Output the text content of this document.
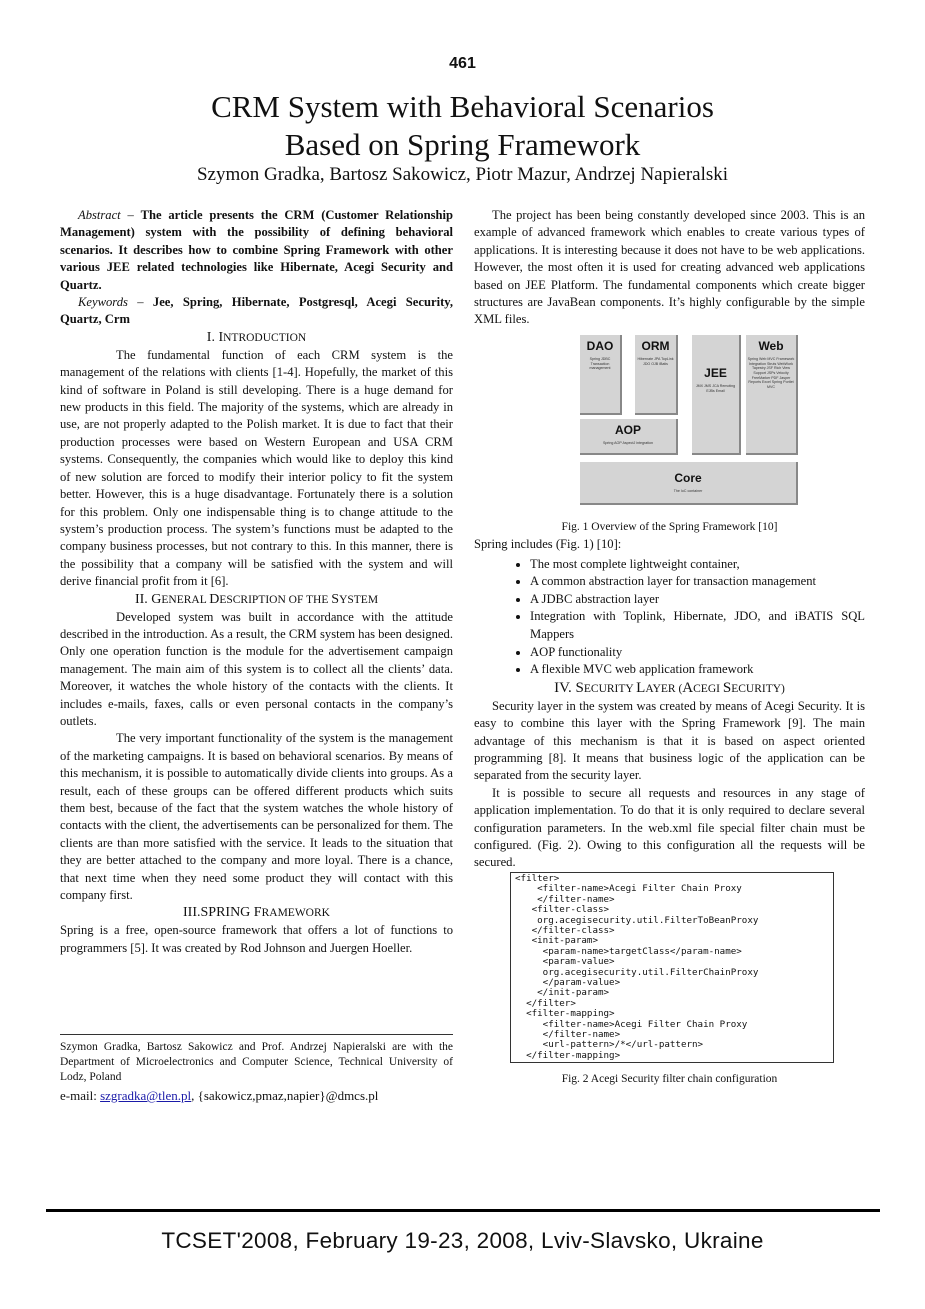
461
CRM System with Behavioral Scenarios
Based on Spring Framework
Szymon Gradka, Bartosz Sakowicz, Piotr Mazur, Andrzej Napieralski

Abstract – The article presents the CRM (Customer Relationship Management) system with the possibility of defining behavioral scenarios. It describes how to combine Spring Framework with other various JEE related technologies like Hibernate, Acegi Security and Quartz.

Keywords – Jee, Spring, Hibernate, Postgresql, Acegi Security, Quartz, Crm

I. INTRODUCTION

The fundamental function of each CRM system is the management of the relations with clients [1-4]. Hopefully, the market of this kind of software in Poland is still developing. There is a huge demand for new products in this field. The majority of the systems, which are already in use, are not properly adapted to the Polish market. It is due to fact that their production processes were based on Western European and USA CRM systems. Consequently, the companies which would like to deploy this kind of new solution are forced to modify their interior policy to fit the system better. However, this is a huge disadvantage. Fortunately there is a solution for this problem. Only one indispensable thing is to change attitude to the system’s production process. The system’s functions must be adapted to the company business processes, but not contrary to this. In this manner, there is the possibility that a company will be satisfied with the system and will derive financial profit from it [6].

II. GENERAL DESCRIPTION OF THE SYSTEM

Developed system was built in accordance with the attitude described in the introduction. As a result, the CRM system has been designed. Only one operation function is the module for the advertisement campaign management. The main aim of this system is to collect all the clients’ data. Moreover, it watches the whole history of the contacts with the clients. It includes e-mails, faxes, calls or even personal contacts in the company’s outlets.

The very important functionality of the system is the management of the marketing campaigns. It is based on behavioral scenarios. By means of this mechanism, it is possible to automatically divide clients into groups. As a result, each of these groups can be offered different products which suits them best, because of the fact that the system watches the whole history of contacts with the client, the advertisements can be personalized for them. The clients are than more satisfied with the service. It leads to the situation that they are better attached to the company and more loyal. There is a chance, that next time when they need some product they will contact with this company first.

III.SPRING FRAMEWORK

Spring is a free, open-source framework that offers a lot of functions to programmers [5]. It was created by Rod Johnson and Juergen Hoeller.

Szymon Gradka, Bartosz Sakowicz and Prof. Andrzej Napieralski are with the Department of Microelectronics and Computer Science, Technical University of Lodz, Poland
e-mail: szgradka@tlen.pl, {sakowicz,pmaz,napier}@dmcs.pl

The project has been being constantly developed since 2003. This is an example of advanced framework which enables to create various types of applications. It is interesting because it does not have to be web applications. However, the most often it is used for creating advanced web applications based on JEE Platform. The fundamental components which create bigger structures are JavaBean components. It’s highly configurable by the simple XML files.

DAO
Spring JDBC Transaction management
ORM
Hibernate JPA TopLink JDO OJB iBatis
JEE
JMX JMS JCA Remoting EJBs Email
Web
Spring Web MVC Framework Integration Struts WebWork Tapestry JSF Rich View Support JSPs Velocity FreeMarker PDF Jasper Reports Excel Spring Portlet MVC
AOP
Spring AOP AspectJ integration
Core
The IoC container
Fig. 1 Overview of the Spring Framework [10]

Spring includes (Fig. 1) [10]:

• The most complete lightweight container,
• A common abstraction layer for transaction management
• A JDBC abstraction layer
• Integration with Toplink, Hibernate, JDO, and iBATIS SQL Mappers
• AOP functionality
• A flexible MVC web application framework

IV. SECURITY LAYER (ACEGI SECURITY)

Security layer in the system was created by means of Acegi Security. It is easy to combine this layer with the Spring Framework [9]. The main advantage of this mechanism is that it is based on aspect oriented programming [8]. It means that business logic of the application can be separated from the security layer.

It is possible to secure all requests and resources in any stage of application implementation. To do that it is only required to declare several configuration parameters. In the web.xml file special filter chain must be configured. (Fig. 2). Owing to this configuration all the requests will be secured.

<filter>
<filter-name>Acegi Filter Chain Proxy
</filter-name>
<filter-class>
org.acegisecurity.util.FilterToBeanProxy
</filter-class>
<init-param>
<param-name>targetClass</param-name>
<param-value>
org.acegisecurity.util.FilterChainProxy
</param-value>
</init-param>
</filter>
<filter-mapping>
<filter-name>Acegi Filter Chain Proxy
</filter-name>
<url-pattern>/*</url-pattern>
</filter-mapping>
Fig. 2 Acegi Security filter chain configuration
TCSET'2008, February 19-23, 2008, Lviv-Slavsko, Ukraine
